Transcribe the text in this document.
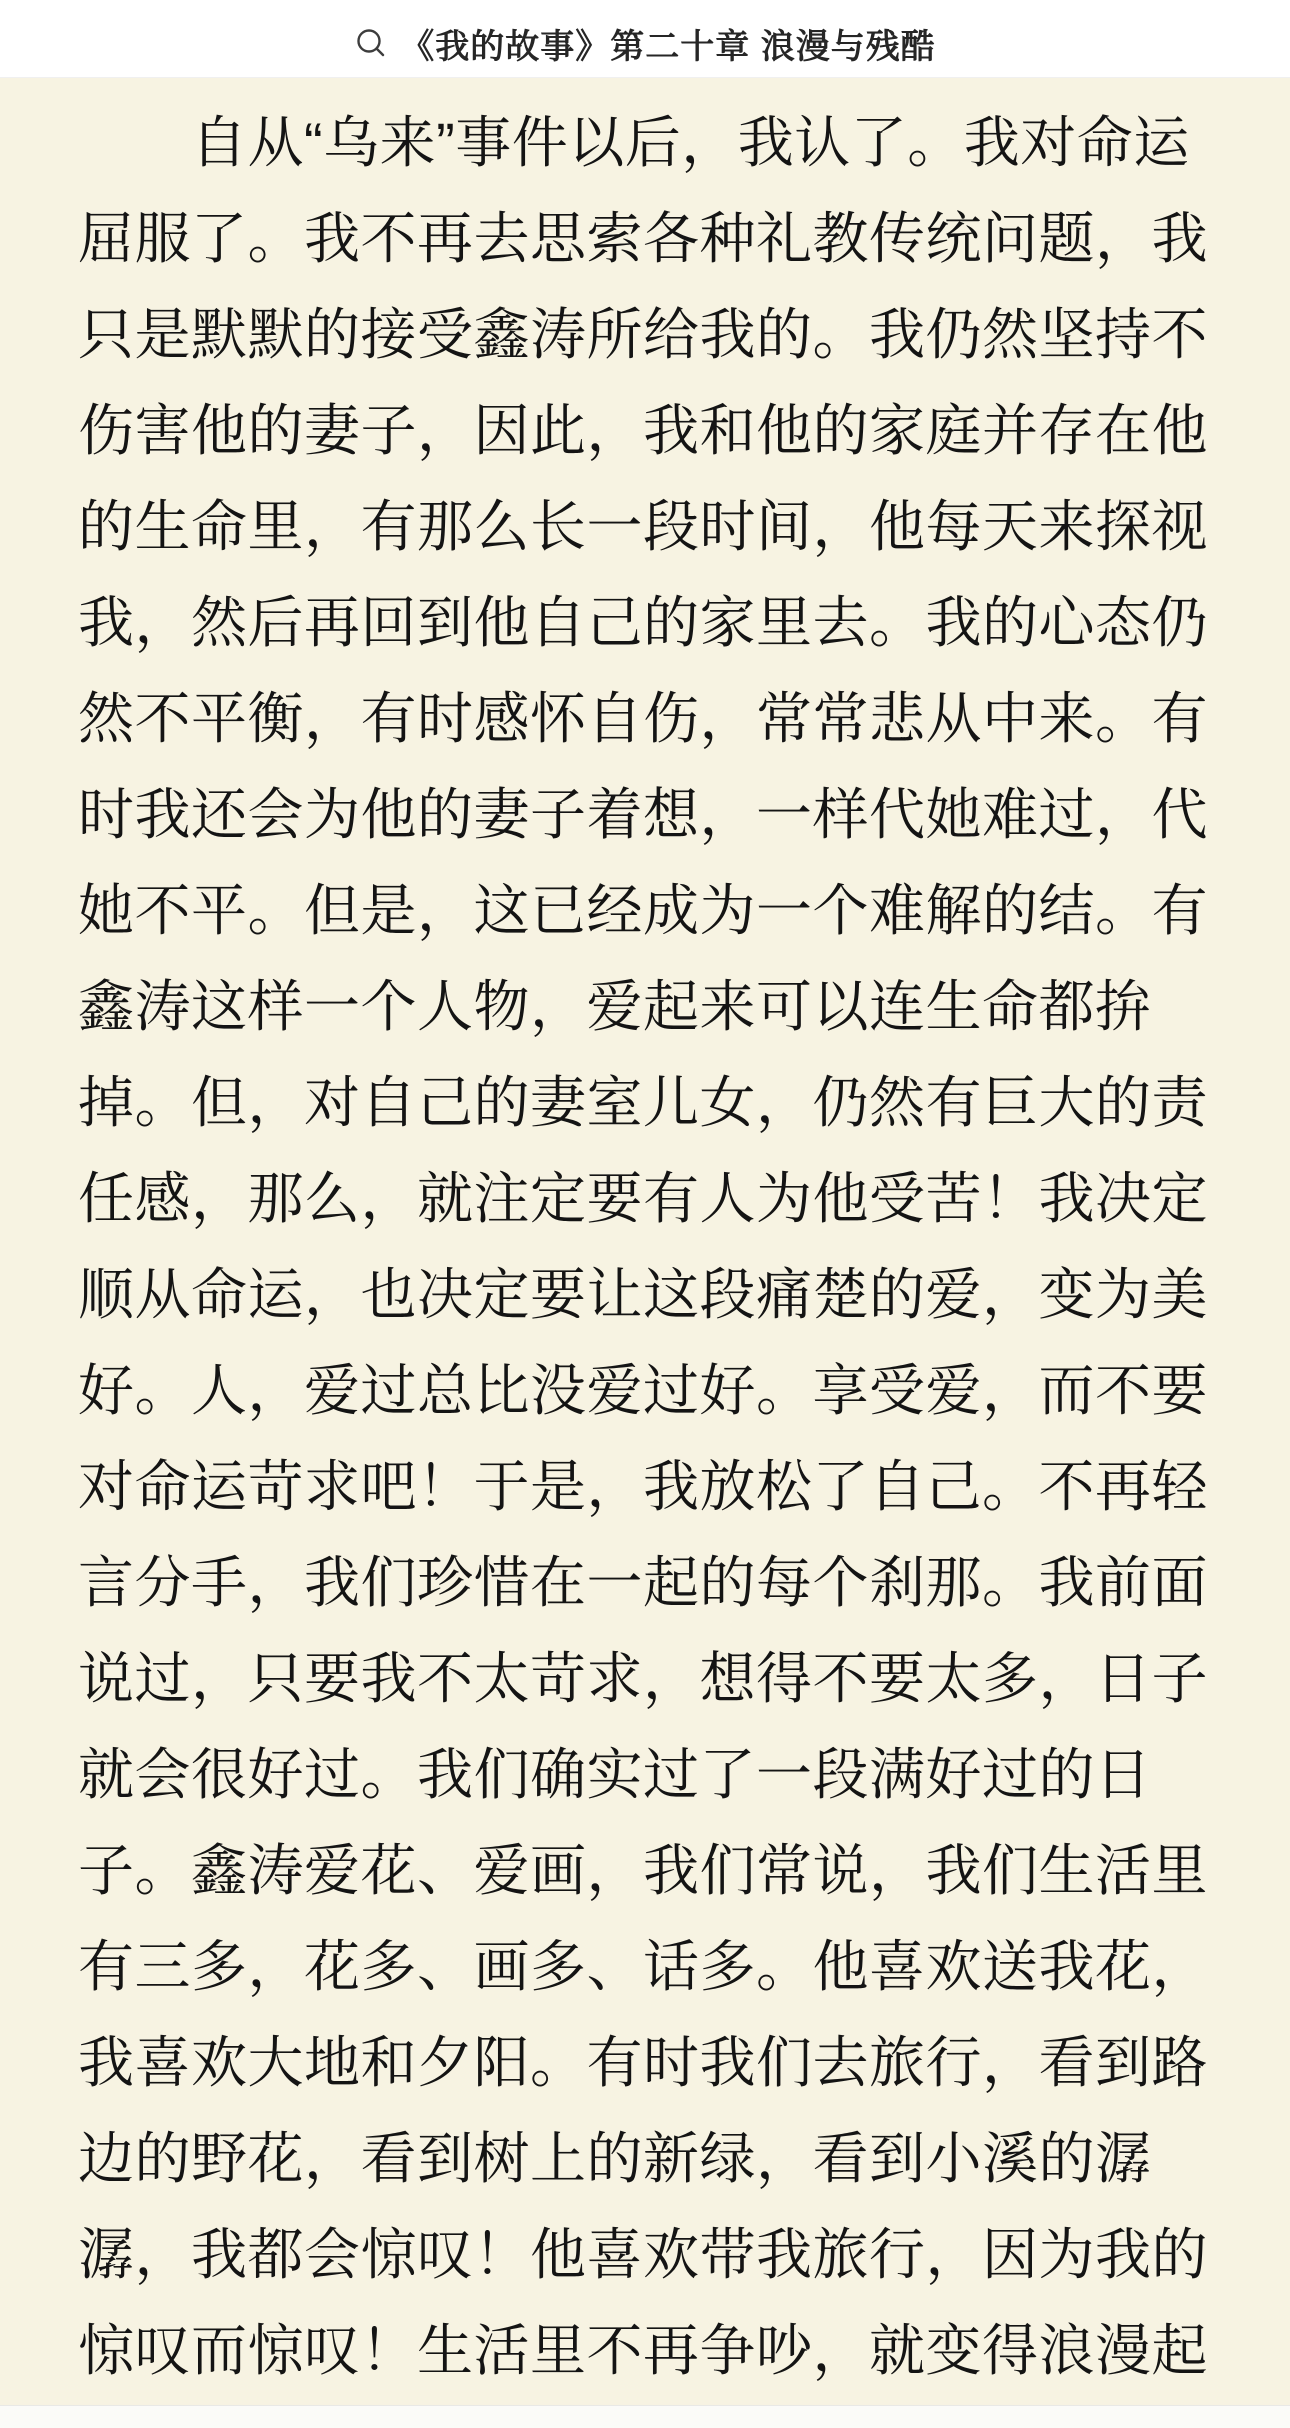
《我的故事》第二十章 浪漫与残酷
自从“乌来”事件以后，我认了。我对命运
屈服了。我不再去思索各种礼教传统问题，我
只是默默的接受鑫涛所给我的。我仍然坚持不
伤害他的妻子，因此，我和他的家庭并存在他
的生命里，有那么长一段时间，他每天来探视
我，然后再回到他自己的家里去。我的心态仍
然不平衡，有时感怀自伤，常常悲从中来。有
时我还会为他的妻子着想，一样代她难过，代
她不平。但是，这已经成为一个难解的结。有
鑫涛这样一个人物，爱起来可以连生命都拚
掉。但，对自己的妻室儿女，仍然有巨大的责
任感，那么，就注定要有人为他受苦！我决定
顺从命运，也决定要让这段痛楚的爱，变为美
好。人，爱过总比没爱过好。享受爱，而不要
对命运苛求吧！于是，我放松了自己。不再轻
言分手，我们珍惜在一起的每个刹那。我前面
说过，只要我不太苛求，想得不要太多，日子
就会很好过。我们确实过了一段满好过的日
子。鑫涛爱花、爱画，我们常说，我们生活里
有三多，花多、画多、话多。他喜欢送我花，
我喜欢大地和夕阳。有时我们去旅行，看到路
边的野花，看到树上的新绿，看到小溪的潺
潺，我都会惊叹！他喜欢带我旅行，因为我的
惊叹而惊叹！生活里不再争吵，就变得浪漫起
